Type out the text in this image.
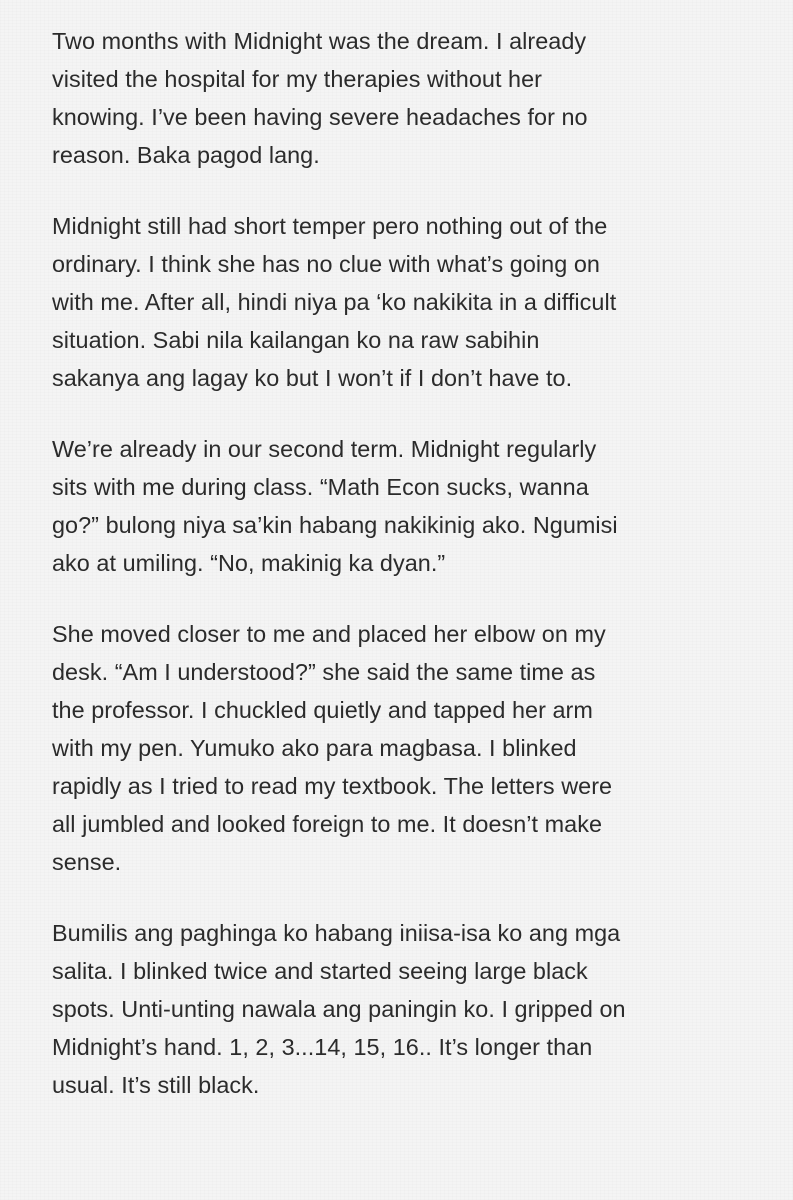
Two months with Midnight was the dream. I already
visited the hospital for my therapies without her
knowing. I’ve been having severe headaches for no
reason. Baka pagod lang.

Midnight still had short temper pero nothing out of the
ordinary. I think she has no clue with what’s going on
with me. After all, hindi niya pa ‘ko nakikita in a difficult
situation. Sabi nila kailangan ko na raw sabihin
sakanya ang lagay ko but I won’t if I don’t have to.

We’re already in our second term. Midnight regularly
sits with me during class. “Math Econ sucks, wanna
go?” bulong niya sa’kin habang nakikinig ako. Ngumisi
ako at umiling. “No, makinig ka dyan.”

She moved closer to me and placed her elbow on my
desk. “Am I understood?” she said the same time as
the professor. I chuckled quietly and tapped her arm
with my pen. Yumuko ako para magbasa. I blinked
rapidly as I tried to read my textbook. The letters were
all jumbled and looked foreign to me. It doesn’t make
sense.

Bumilis ang paghinga ko habang iniisa-isa ko ang mga
salita. I blinked twice and started seeing large black
spots. Unti-unting nawala ang paningin ko. I gripped on
Midnight’s hand. 1, 2, 3...14, 15, 16.. It’s longer than
usual. It’s still black.
